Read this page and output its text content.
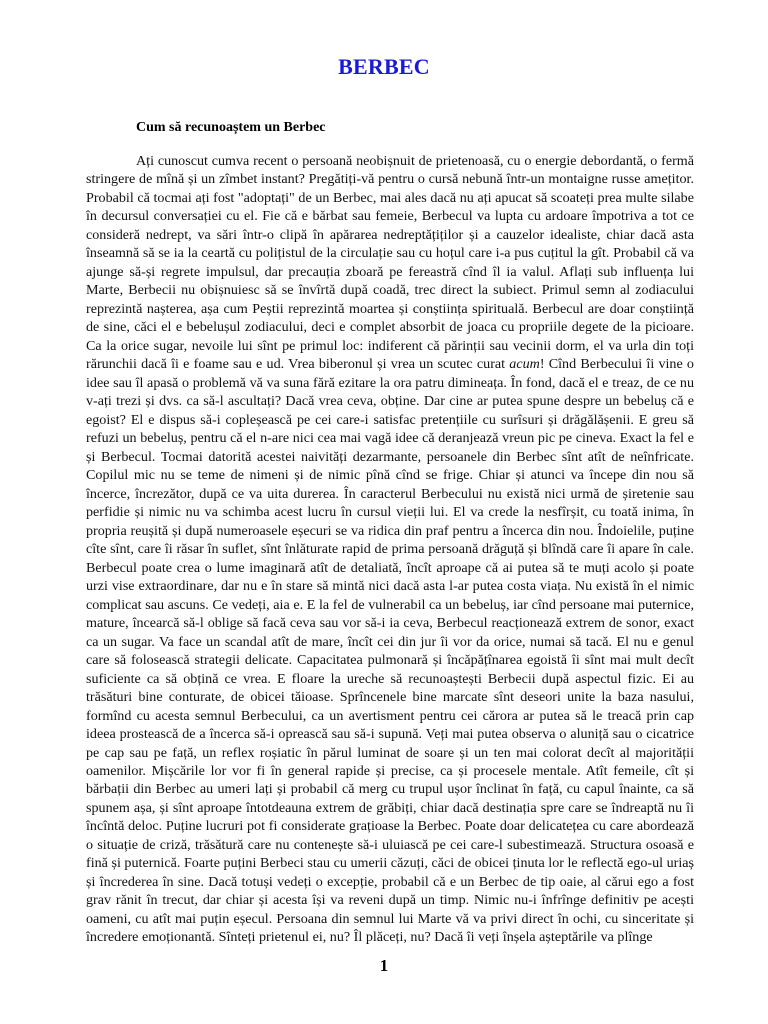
BERBEC
Cum să recunoaștem un Berbec

Ați cunoscut cumva recent o persoană neobișnuit de prietenoasă, cu o energie debordantă, o fermă stringere de mînă și un zîmbet instant? Pregătiți-vă pentru o cursă nebună într-un montaigne russe amețitor. Probabil că tocmai ați fost "adoptați" de un Berbec, mai ales dacă nu ați apucat să scoateți prea multe silabe în decursul conversației cu el. Fie că e bărbat sau femeie, Berbecul va lupta cu ardoare împotriva a tot ce consideră nedrept, va sări într-o clipă în apărarea nedreptățiților și a cauzelor idealiste, chiar dacă asta înseamnă să se ia la ceartă cu polițistul de la circulație sau cu hoțul care i-a pus cuțitul la gît. Probabil că va ajunge să-și regrete impulsul, dar precauția zboară pe fereastră cînd îl ia valul. Aflați sub influența lui Marte, Berbecii nu obișnuiesc să se învîrtă după coadă, trec direct la subiect. Primul semn al zodiacului reprezintă nașterea, așa cum Peștii reprezintă moartea și conștiința spirituală. Berbecul are doar conștiință de sine, căci el e bebelușul zodiacului, deci e complet absorbit de joaca cu propriile degete de la picioare. Ca la orice sugar, nevoile lui sînt pe primul loc: indiferent că părinții sau vecinii dorm, el va urla din toți rărunchii dacă îi e foame sau e ud. Vrea biberonul și vrea un scutec curat acum! Cînd Berbecului îi vine o idee sau îl apasă o problemă vă va suna fără ezitare la ora patru dimineața. În fond, dacă el e treaz, de ce nu v-ați trezi și dvs. ca să-l ascultați? Dacă vrea ceva, obține. Dar cine ar putea spune despre un bebeluș că e egoist? El e dispus să-i copleșească pe cei care-i satisfac pretențiile cu surîsuri și drăgălășenii. E greu să refuzi un bebeluș, pentru că el n-are nici cea mai vagă idee că deranjează vreun pic pe cineva. Exact la fel e și Berbecul. Tocmai datorită acestei naivități dezarmante, persoanele din Berbec sînt atît de neînfricate. Copilul mic nu se teme de nimeni și de nimic pînă cînd se frige. Chiar și atunci va începe din nou să încerce, încrezător, după ce va uita durerea. În caracterul Berbecului nu există nici urmă de șiretenie sau perfidie și nimic nu va schimba acest lucru în cursul vieții lui. El va crede la nesfîrșit, cu toată inima, în propria reușită și după numeroasele eșecuri se va ridica din praf pentru a încerca din nou. Îndoielile, puține cîte sînt, care îi răsar în suflet, sînt înlăturate rapid de prima persoană drăguță și blîndă care îi apare în cale. Berbecul poate crea o lume imaginară atît de detaliată, încît aproape că ai putea să te muți acolo și poate urzi vise extraordinare, dar nu e în stare să mintă nici dacă asta l-ar putea costa viața. Nu există în el nimic complicat sau ascuns. Ce vedeți, aia e. E la fel de vulnerabil ca un bebeluș, iar cînd persoane mai puternice, mature, încearcă să-l oblige să facă ceva sau vor să-i ia ceva, Berbecul reacționează extrem de sonor, exact ca un sugar. Va face un scandal atît de mare, încît cei din jur îi vor da orice, numai să tacă. El nu e genul care să folosească strategii delicate. Capacitatea pulmonară și încăpățînarea egoistă îi sînt mai mult decît suficiente ca să obțină ce vrea. E floare la ureche să recunoaștești Berbecii după aspectul fizic. Ei au trăsături bine conturate, de obicei tăioase. Sprîncenele bine marcate sînt deseori unite la baza nasului, formînd cu acesta semnul Berbecului, ca un avertisment pentru cei cărora ar putea să le treacă prin cap ideea prostească de a încerca să-i oprească sau să-i supună. Veți mai putea observa o aluniță sau o cicatrice pe cap sau pe față, un reflex roșiatic în părul luminat de soare și un ten mai colorat decît al majorității oamenilor. Mișcările lor vor fi în general rapide și precise, ca și procesele mentale. Atît femeile, cît și bărbații din Berbec au umeri lați și probabil că merg cu trupul ușor înclinat în față, cu capul înainte, ca să spunem așa, și sînt aproape întotdeauna extrem de grăbiți, chiar dacă destinația spre care se îndreaptă nu îi încîntă deloc. Puține lucruri pot fi considerate grațioase la Berbec. Poate doar delicatețea cu care abordează o situație de criză, trăsătură care nu contenește să-i uluiască pe cei care-l subestimează. Structura osoasă e fină și puternică. Foarte puțini Berbeci stau cu umerii căzuți, căci de obicei ținuta lor le reflectă ego-ul uriaș și încrederea în sine. Dacă totuși vedeți o excepție, probabil că e un Berbec de tip oaie, al cărui ego a fost grav rănit în trecut, dar chiar și acesta își va reveni după un timp. Nimic nu-i înfrînge definitiv pe acești oameni, cu atît mai puțin eșecul. Persoana din semnul lui Marte vă va privi direct în ochi, cu sinceritate și încredere emoționantă. Sînteți prietenul ei, nu? Îl plăceți, nu? Dacă îi veți înșela așteptările va plînge

1
